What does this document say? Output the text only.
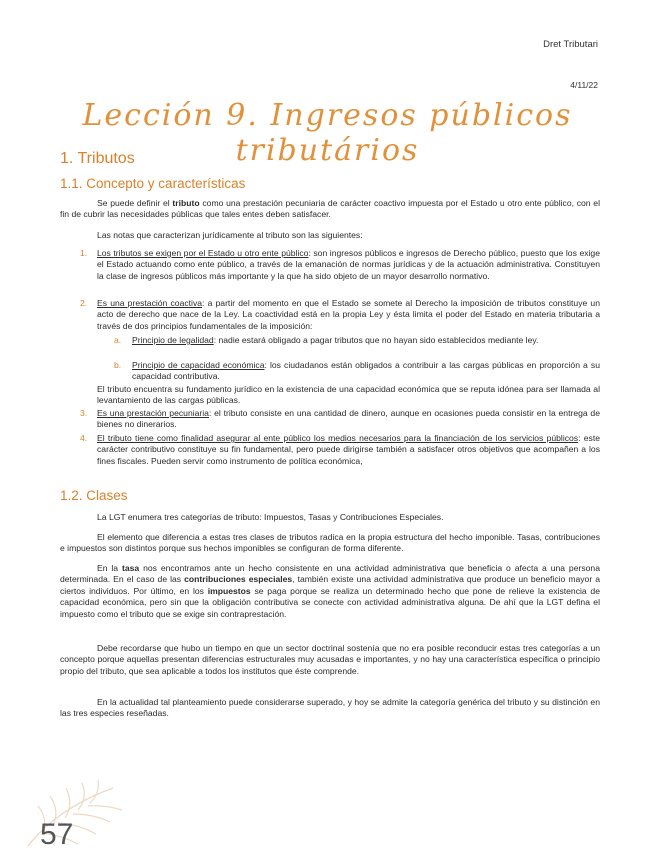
Dret Tributari
4/11/22
Lección 9. Ingresos públicos tributários
1. Tributos
1.1. Concepto y características
Se puede definir el tributo como una prestación pecuniaria de carácter coactivo impuesta por el Estado u otro ente público, con el fin de cubrir las necesidades públicas que tales entes deben satisfacer.
Las notas que caracterizan jurídicamente al tributo son las siguientes:
1. Los tributos se exigen por el Estado u otro ente público: son ingresos públicos e ingresos de Derecho público, puesto que los exige el Estado actuando como ente público, a través de la emanación de normas jurídicas y de la actuación administrativa. Constituyen la clase de ingresos públicos más importante y la que ha sido objeto de un mayor desarrollo normativo.
2. Es una prestación coactiva: a partir del momento en que el Estado se somete al Derecho la imposición de tributos constituye un acto de derecho que nace de la Ley. La coactividad está en la propia Ley y ésta limita el poder del Estado en materia tributaria a través de dos principios fundamentales de la imposición:
a. Principio de legalidad: nadie estará obligado a pagar tributos que no hayan sido establecidos mediante ley.
b. Principio de capacidad económica: los ciudadanos están obligados a contribuir a las cargas públicas en proporción a su capacidad contributiva.
El tributo encuentra su fundamento jurídico en la existencia de una capacidad económica que se reputa idónea para ser llamada al levantamiento de las cargas públicas.
3. Es una prestación pecuniaria: el tributo consiste en una cantidad de dinero, aunque en ocasiones pueda consistir en la entrega de bienes no dinerarios.
4. El tributo tiene como finalidad asegurar al ente público los medios necesarios para la financiación de los servicios públicos: este carácter contributivo constituye su fin fundamental, pero puede dirigirse también a satisfacer otros objetivos que acompañen a los fines fiscales. Pueden servir como instrumento de política económica,
1.2. Clases
La LGT enumera tres categorías de tributo: Impuestos, Tasas y Contribuciones Especiales.
El elemento que diferencia a estas tres clases de tributos radica en la propia estructura del hecho imponible. Tasas, contribuciones e impuestos son distintos porque sus hechos imponibles se configuran de forma diferente.
En la tasa nos encontramos ante un hecho consistente en una actividad administrativa que beneficia o afecta a una persona determinada. En el caso de las contribuciones especiales, también existe una actividad administrativa que produce un beneficio mayor a ciertos individuos. Por último, en los impuestos se paga porque se realiza un determinado hecho que pone de relieve la existencia de capacidad económica, pero sin que la obligación contributiva se conecte con actividad administrativa alguna. De ahí que la LGT defina el impuesto como el tributo que se exige sin contraprestación.
Debe recordarse que hubo un tiempo en que un sector doctrinal sostenía que no era posible reconducir estas tres categorías a un concepto porque aquellas presentan diferencias estructurales muy acusadas e importantes, y no hay una característica específica o principio propio del tributo, que sea aplicable a todos los institutos que éste comprende.
En la actualidad tal planteamiento puede considerarse superado, y hoy se admite la categoría genérica del tributo y su distinción en las tres especies reseñadas.
57
